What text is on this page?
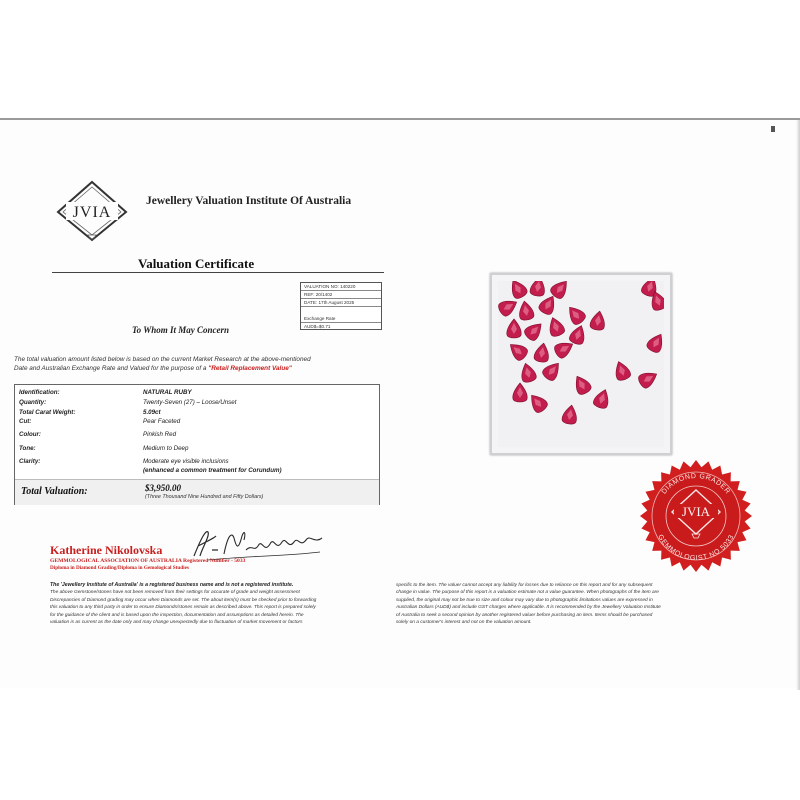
JVIA
Jewellery Valuation Institute Of Australia
Valuation Certificate
VALUATION NO: 140220
REF: 20/1402
DATE: 17th August 2025
Exchange Rate
AUD$=$0.71
To Whom It May Concern
The total valuation amount listed below is based on the current Market Research at the above-mentioned
Date and Australian Exchange Rate and Valued for the purpose of a "Retail Replacement Value"
Identification:	NATURAL RUBY
Quantity:	Twenty-Seven (27) – Loose/Unset
Total Carat Weight:	5.09ct
Cut:	Pear Faceted
Colour:	Pinkish Red
Tone:	Medium to Deep
Clarity:	Moderate eye visible inclusions
(enhanced a common treatment for Corundum)
Total Valuation:	$3,950.00
(Three Thousand Nine Hundred and Fifty Dollars)
Katherine Nikolovska
GEMMOLOGICAL ASSOCIATION OF AUSTRALIA Registered Number - 5033
Diploma in Diamond Grading/Diploma in Gemological Studies
The 'Jewellery Institute of Australia' is a registered business name and is not a registered institute.
The above Gemstone/stones have not been removed from their settings for accurate of grade and weight assessment
Discrepancies of Diamond grading may occur when Diamonds are set. The about item(s) must be checked prior to forwarding
this valuation to any third party in order to ensure Diamonds/stones remain as described above. This report is prepared solely
for the guidance of the client and is based upon the inspection, documentation and assumptions as detailed herein. The
valuation is as current as the date only and may change unexpectedly due to fluctuation of market movement or factors
specific to the item. The valuer cannot accept any liability for losses due to reliance on this report and for any subsequent
change in value. The purpose of this report is a valuation estimate not a value guarantee. When photographs of the item are
supplied, the original may not be true to size and colour may vary due to photographic limitations values are expressed in
Australian Dollars (AUD$) and include GST charges where applicable. It is recommended by the Jewellery Valuation Institute
of Australia to seek a second opinion by another registered valuer before purchasing an item. Items should be purchased
solely on a customer's interest and not on the valuation amount.
DIAMOND GRADER
GEMMOLOGIST NO 5033
JVIA
